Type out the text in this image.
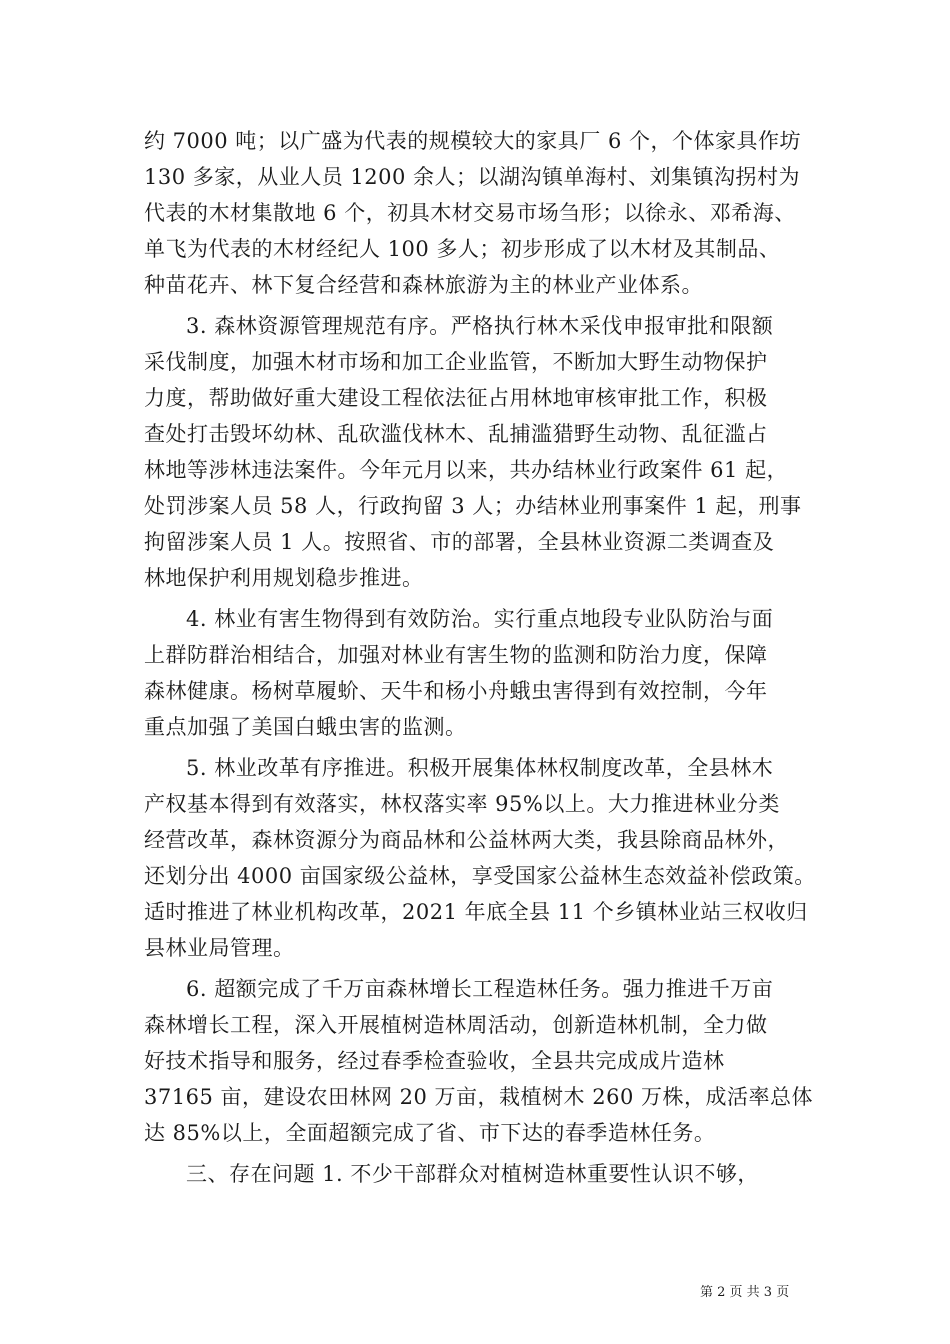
约 7000 吨；以广盛为代表的规模较大的家具厂 6 个，个体家具作坊
130 多家，从业人员 1200 余人；以湖沟镇单海村、刘集镇沟拐村为
代表的木材集散地 6 个，初具木材交易市场刍形；以徐永、邓希海、
单飞为代表的木材经纪人 100 多人；初步形成了以木材及其制品、
种苗花卉、林下复合经营和森林旅游为主的林业产业体系。
3. 森林资源管理规范有序。严格执行林木采伐申报审批和限额
采伐制度，加强木材市场和加工企业监管，不断加大野生动物保护
力度，帮助做好重大建设工程依法征占用林地审核审批工作，积极
查处打击毁坏幼林、乱砍滥伐林木、乱捕滥猎野生动物、乱征滥占
林地等涉林违法案件。今年元月以来，共办结林业行政案件 61 起，
处罚涉案人员 58 人，行政拘留 3 人；办结林业刑事案件 1 起，刑事
拘留涉案人员 1 人。按照省、市的部署，全县林业资源二类调查及
林地保护利用规划稳步推进。
4. 林业有害生物得到有效防治。实行重点地段专业队防治与面
上群防群治相结合，加强对林业有害生物的监测和防治力度，保障
森林健康。杨树草履蚧、天牛和杨小舟蛾虫害得到有效控制，今年
重点加强了美国白蛾虫害的监测。
5. 林业改革有序推进。积极开展集体林权制度改革，全县林木
产权基本得到有效落实，林权落实率 95%以上。大力推进林业分类
经营改革，森林资源分为商品林和公益林两大类，我县除商品林外，
还划分出 4000 亩国家级公益林，享受国家公益林生态效益补偿政策。
适时推进了林业机构改革，2021 年底全县 11 个乡镇林业站三权收归
县林业局管理。
6. 超额完成了千万亩森林增长工程造林任务。强力推进千万亩
森林增长工程，深入开展植树造林周活动，创新造林机制，全力做
好技术指导和服务，经过春季检查验收，全县共完成成片造林
37165 亩，建设农田林网 20 万亩，栽植树木 260 万株，成活率总体
达 85%以上，全面超额完成了省、市下达的春季造林任务。
三、存在问题 1. 不少干部群众对植树造林重要性认识不够，
第 2 页 共 3 页
